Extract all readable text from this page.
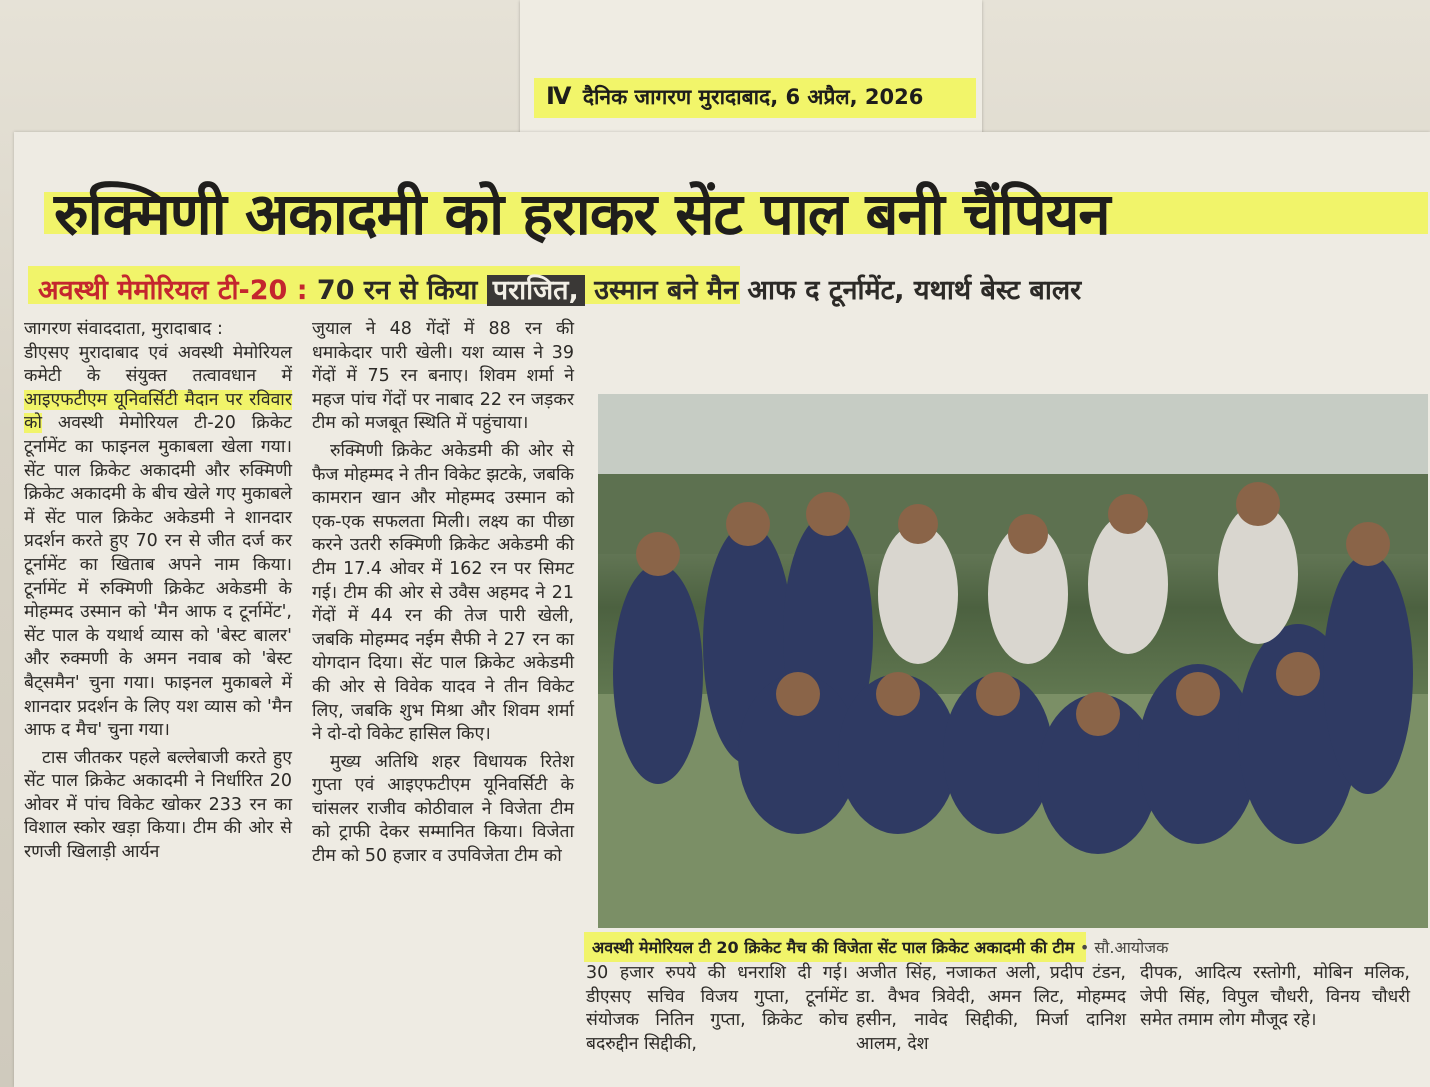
IV दैनिक जागरण मुरादाबाद, 6 अप्रैल, 2026
रुक्मिणी अकादमी को हराकर सेंट पाल बनी चैंपियन
अवस्थी मेमोरियल टी-20 : 70 रन से किया पराजित, उस्मान बने मैन आफ द टूर्नामेंट, यथार्थ बेस्ट बालर

जागरण संवाददाता, मुरादाबाद :

डीएसए मुरादाबाद एवं अवस्थी मेमोरियल कमेटी के संयुक्त तत्वावधान में आइएफटीएम यूनिवर्सिटी मैदान पर रविवार को अवस्थी मेमोरियल टी-20 क्रिकेट टूर्नामेंट का फाइनल मुकाबला खेला गया। सेंट पाल क्रिकेट अकादमी और रुक्मिणी क्रिकेट अकादमी के बीच खेले गए मुकाबले में सेंट पाल क्रिकेट अकेडमी ने शानदार प्रदर्शन करते हुए 70 रन से जीत दर्ज कर टूर्नामेंट का खिताब अपने नाम किया। टूर्नामेंट में रुक्मिणी क्रिकेट अकेडमी के मोहम्मद उस्मान को 'मैन आफ द टूर्नामेंट', सेंट पाल के यथार्थ व्यास को 'बेस्ट बालर' और रुक्मणी के अमन नवाब को 'बेस्ट बैट्समैन' चुना गया। फाइनल मुकाबले में शानदार प्रदर्शन के लिए यश व्यास को 'मैन आफ द मैच' चुना गया।

टास जीतकर पहले बल्लेबाजी करते हुए सेंट पाल क्रिकेट अकादमी ने निर्धारित 20 ओवर में पांच विकेट खोकर 233 रन का विशाल स्कोर खड़ा किया। टीम की ओर से रणजी खिलाड़ी आर्यन

जुयाल ने 48 गेंदों में 88 रन की धमाकेदार पारी खेली। यश व्यास ने 39 गेंदों में 75 रन बनाए। शिवम शर्मा ने महज पांच गेंदों पर नाबाद 22 रन जड़कर टीम को मजबूत स्थिति में पहुंचाया।

रुक्मिणी क्रिकेट अकेडमी की ओर से फैज मोहम्मद ने तीन विकेट झटके, जबकि कामरान खान और मोहम्मद उस्मान को एक-एक सफलता मिली। लक्ष्य का पीछा करने उतरी रुक्मिणी क्रिकेट अकेडमी की टीम 17.4 ओवर में 162 रन पर सिमट गई। टीम की ओर से उवैस अहमद ने 21 गेंदों में 44 रन की तेज पारी खेली, जबकि मोहम्मद नईम सैफी ने 27 रन का योगदान दिया। सेंट पाल क्रिकेट अकेडमी की ओर से विवेक यादव ने तीन विकेट लिए, जबकि शुभ मिश्रा और शिवम शर्मा ने दो-दो विकेट हासिल किए।

मुख्य अतिथि शहर विधायक रितेश गुप्ता एवं आइएफटीएम यूनिवर्सिटी के चांसलर राजीव कोठीवाल ने विजेता टीम को ट्राफी देकर सम्मानित किया। विजेता टीम को 50 हजार व उपविजेता टीम को

अवस्थी मेमोरियल टी 20 क्रिकेट मैच की विजेता सेंट पाल क्रिकेट अकादमी की टीम • सौ.आयोजक

30 हजार रुपये की धनराशि दी गई। डीएसए सचिव विजय गुप्ता, टूर्नामेंट संयोजक नितिन गुप्ता, क्रिकेट कोच बदरुद्दीन सिद्दीकी,

अजीत सिंह, नजाकत अली, प्रदीप टंडन, डा. वैभव त्रिवेदी, अमन लिट, मोहम्मद हसीन, नावेद सिद्दीकी, मिर्जा दानिश आलम, देश

दीपक, आदित्य रस्तोगी, मोबिन मलिक, जेपी सिंह, विपुल चौधरी, विनय चौधरी समेत तमाम लोग मौजूद रहे।
